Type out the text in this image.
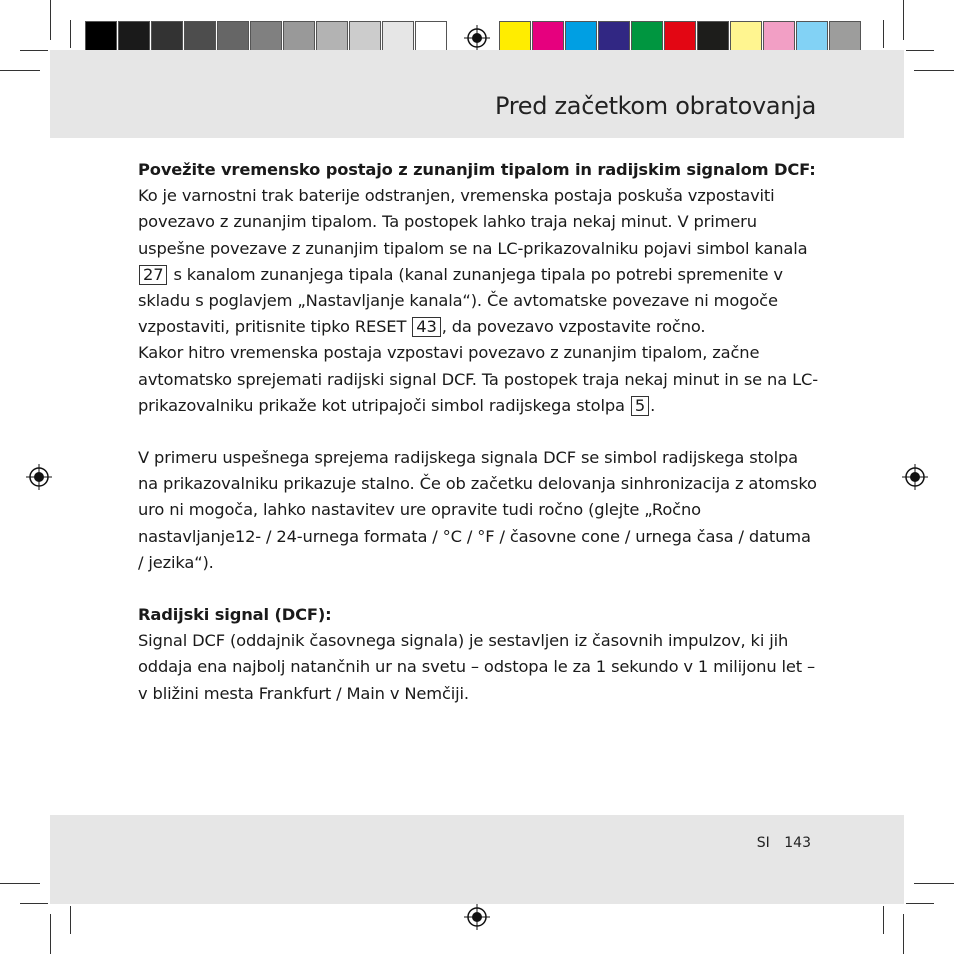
Pred začetkom obratovanja

Povežite vremensko postajo z zunanjim tipalom in radijskim signalom DCF:

Ko je varnostni trak baterije odstranjen, vremenska postaja poskuša vzpostaviti povezavo z zunanjim tipalom. Ta postopek lahko traja nekaj minut. V primeru uspešne povezave z zunanjim tipalom se na LC-prikazovalniku pojavi simbol kanala 27 s kanalom zunanjega tipala (kanal zunanjega tipala po potrebi spremenite v skladu s poglavjem „Nastavljanje kanala“). Če avtomatske povezave ni mogoče vzpostaviti, pritisnite tipko RESET 43 , da povezavo vzpostavite ročno.

Kakor hitro vremenska postaja vzpostavi povezavo z zunanjim tipalom, začne avtomatsko sprejemati radijski signal DCF. Ta postopek traja nekaj minut in se na LC-prikazovalniku prikaže kot utripajoči simbol radijskega stolpa 5 .

V primeru uspešnega sprejema radijskega signala DCF se simbol radijskega stolpa na prikazovalniku prikazuje stalno. Če ob začetku delovanja sinhronizacija z atomsko uro ni mogoča, lahko nastavitev ure opravite tudi ročno (glejte „Ročno nastavljanje12- / 24-urnega formata / °C / °F / časovne cone / urnega časa / datuma / jezika“).

Radijski signal (DCF):

Signal DCF (oddajnik časovnega signala) je sestavljen iz časovnih impulzov, ki jih oddaja ena najbolj natančnih ur na svetu – odstopa le za 1 sekundo v 1 milijonu let – v bližini mesta Frankfurt / Main v Nemčiji.

SI 143
